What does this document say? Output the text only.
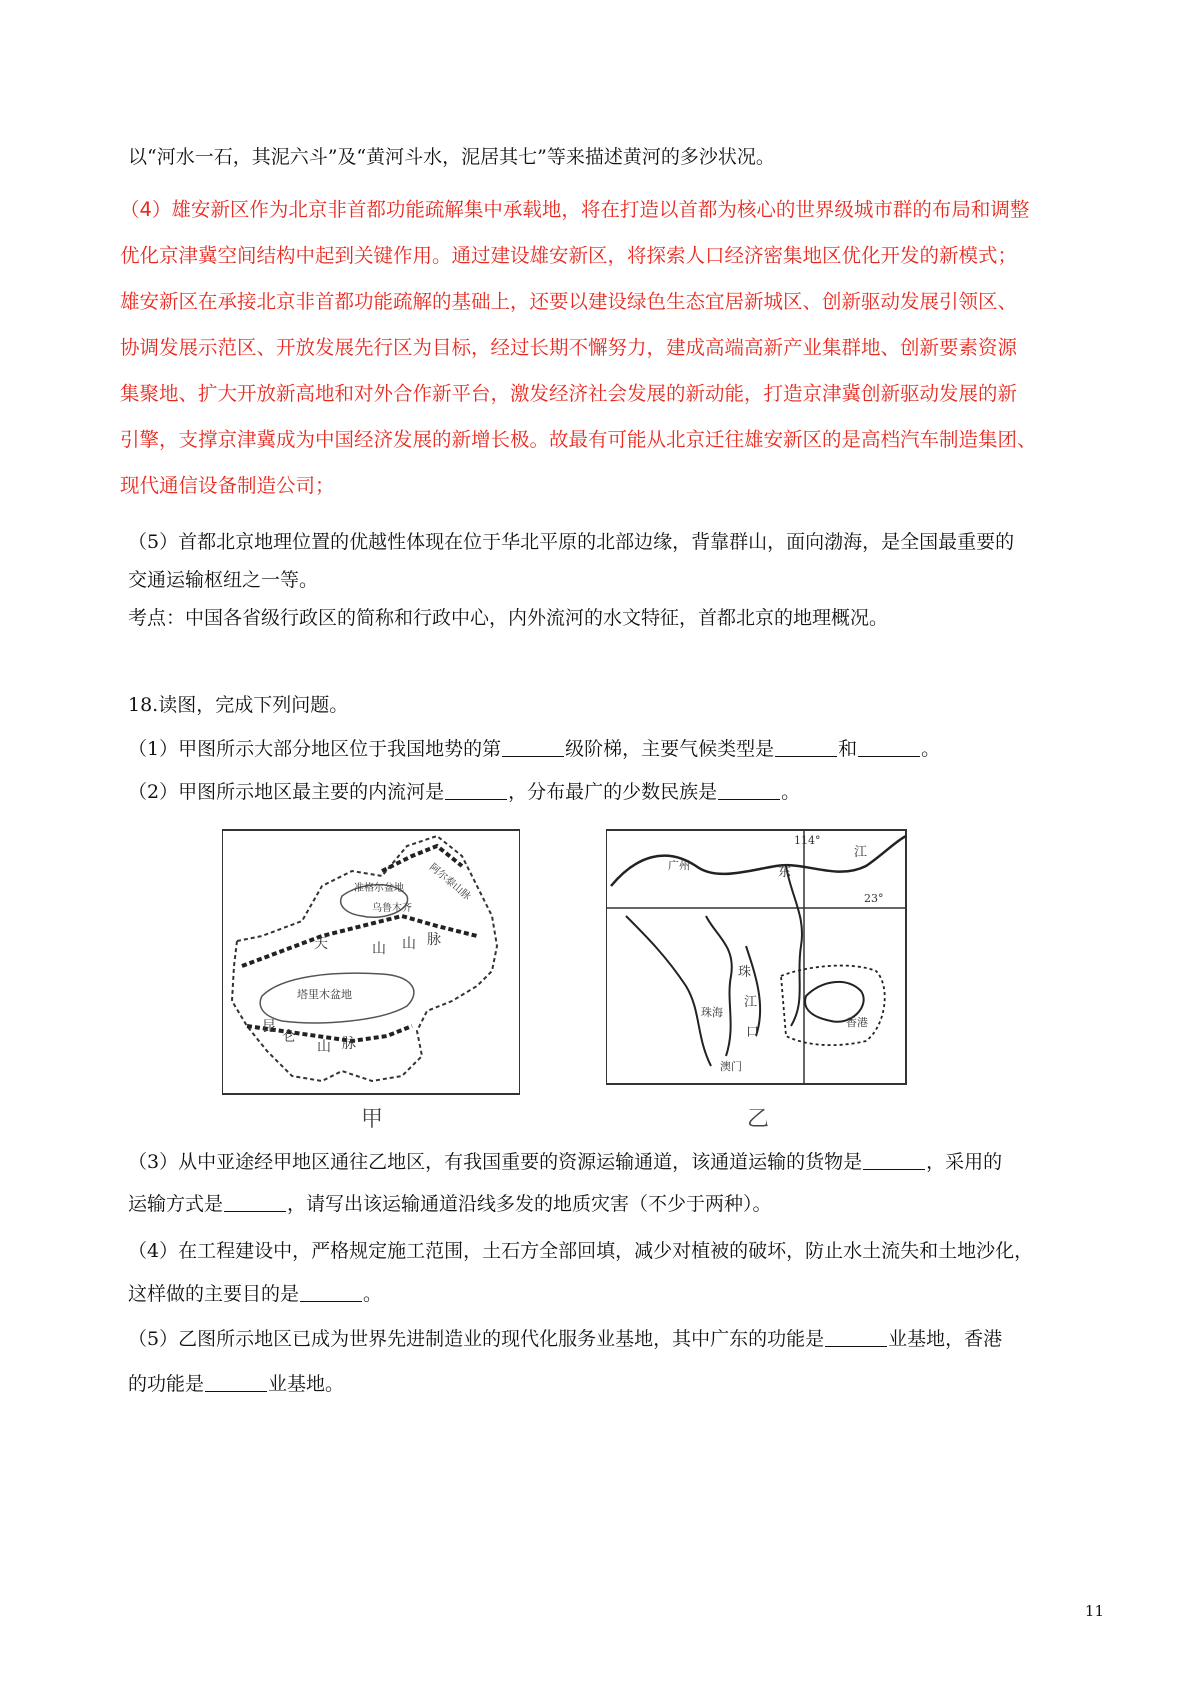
以“河水一石，其泥六斗”及“黄河斗水，泥居其七”等来描述黄河的多沙状况。
（4）雄安新区作为北京非首都功能疏解集中承载地，将在打造以首都为核心的世界级城市群的布局和调整
优化京津冀空间结构中起到关键作用。通过建设雄安新区，将探索人口经济密集地区优化开发的新模式；
雄安新区在承接北京非首都功能疏解的基础上，还要以建设绿色生态宜居新城区、创新驱动发展引领区、
协调发展示范区、开放发展先行区为目标，经过长期不懈努力，建成高端高新产业集群地、创新要素资源
集聚地、扩大开放新高地和对外合作新平台，激发经济社会发展的新动能，打造京津冀创新驱动发展的新
引擎，支撑京津冀成为中国经济发展的新增长极。故最有可能从北京迁往雄安新区的是高档汽车制造集团、
现代通信设备制造公司；
（5）首都北京地理位置的优越性体现在位于华北平原的北部边缘，背靠群山，面向渤海，是全国最重要的
交通运输枢纽之一等。
考点：中国各省级行政区的简称和行政中心，内外流河的水文特征，首都北京的地理概况。
18.读图，完成下列问题。
（1）甲图所示大部分地区位于我国地势的第	级阶梯，主要气候类型是	和	。
（2）甲图所示地区最主要的内流河是	，分布最广的少数民族是	。
甲
阿尔泰山脉
准格尔盆地
乌鲁木齐
天	山 山 脉
塔里木盆地
昆
仑
山 脉
乙
114°
江
广州	东
23°
珠
江
口
珠海
香港
澳门
（3）从中亚途经甲地区通往乙地区，有我国重要的资源运输通道，该通道运输的货物是	，采用的
运输方式是	，请写出该运输通道沿线多发的地质灾害（不少于两种）。
（4）在工程建设中，严格规定施工范围，土石方全部回填，减少对植被的破坏，防止水土流失和土地沙化，
这样做的主要目的是	。
（5）乙图所示地区已成为世界先进制造业的现代化服务业基地，其中广东的功能是	业基地，香港
的功能是	业基地。
11
